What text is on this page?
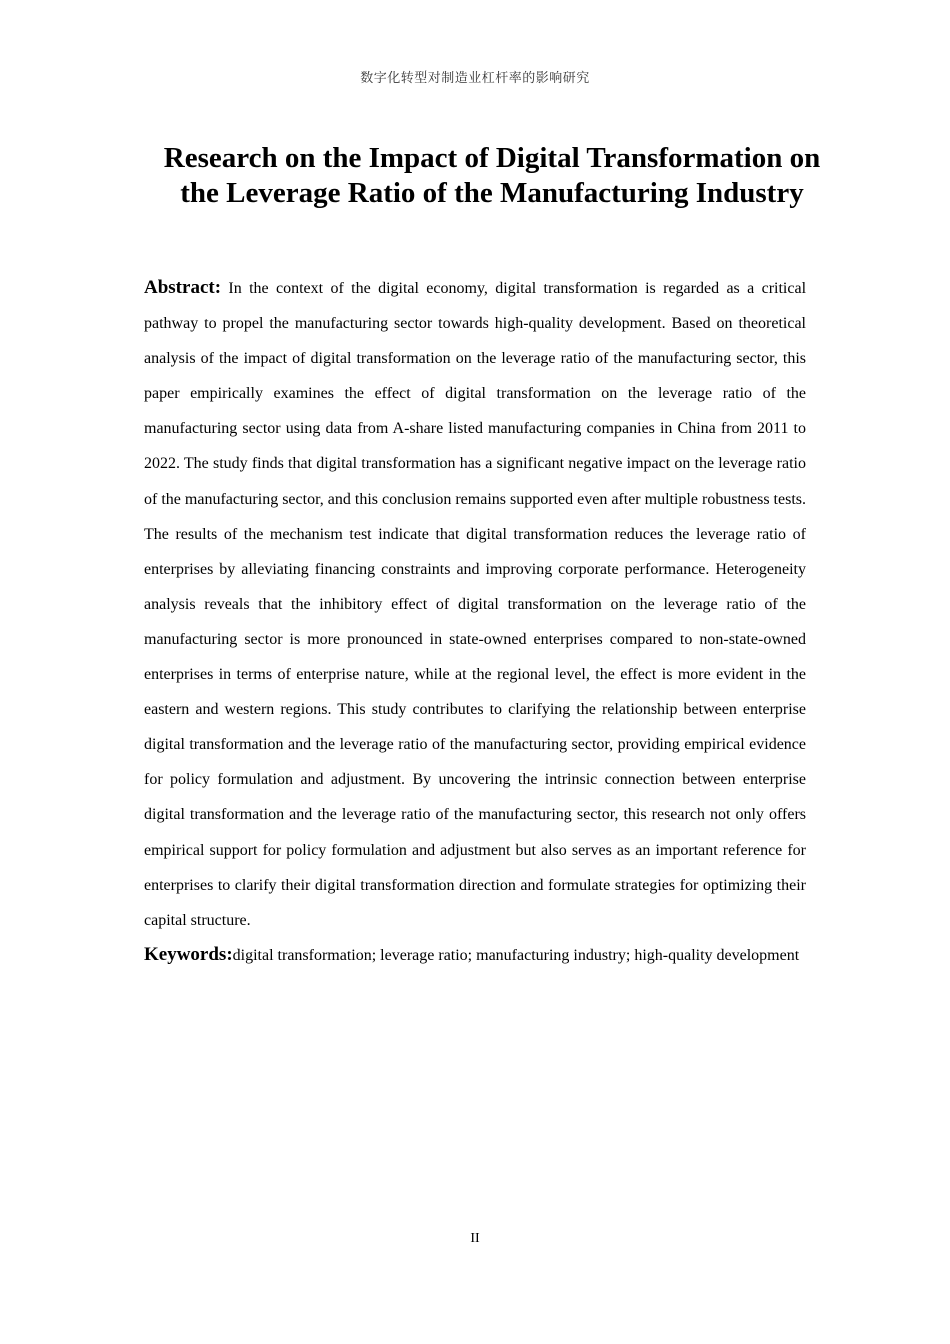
数字化转型对制造业杠杆率的影响研究
Research on the Impact of Digital Transformation on the Leverage Ratio of the Manufacturing Industry

Abstract: In the context of the digital economy, digital transformation is regarded as a critical pathway to propel the manufacturing sector towards high-quality development. Based on theoretical analysis of the impact of digital transformation on the leverage ratio of the manufacturing sector, this paper empirically examines the effect of digital transformation on the leverage ratio of the manufacturing sector using data from A-share listed manufacturing companies in China from 2011 to 2022. The study finds that digital transformation has a significant negative impact on the leverage ratio of the manufacturing sector, and this conclusion remains supported even after multiple robustness tests. The results of the mechanism test indicate that digital transformation reduces the leverage ratio of enterprises by alleviating financing constraints and improving corporate performance. Heterogeneity analysis reveals that the inhibitory effect of digital transformation on the leverage ratio of the manufacturing sector is more pronounced in state-owned enterprises compared to non-state-owned enterprises in terms of enterprise nature, while at the regional level, the effect is more evident in the eastern and western regions. This study contributes to clarifying the relationship between enterprise digital transformation and the leverage ratio of the manufacturing sector, providing empirical evidence for policy formulation and adjustment. By uncovering the intrinsic connection between enterprise digital transformation and the leverage ratio of the manufacturing sector, this research not only offers empirical support for policy formulation and adjustment but also serves as an important reference for enterprises to clarify their digital transformation direction and formulate strategies for optimizing their capital structure.

Keywords:digital transformation; leverage ratio; manufacturing industry; high-quality development

II
